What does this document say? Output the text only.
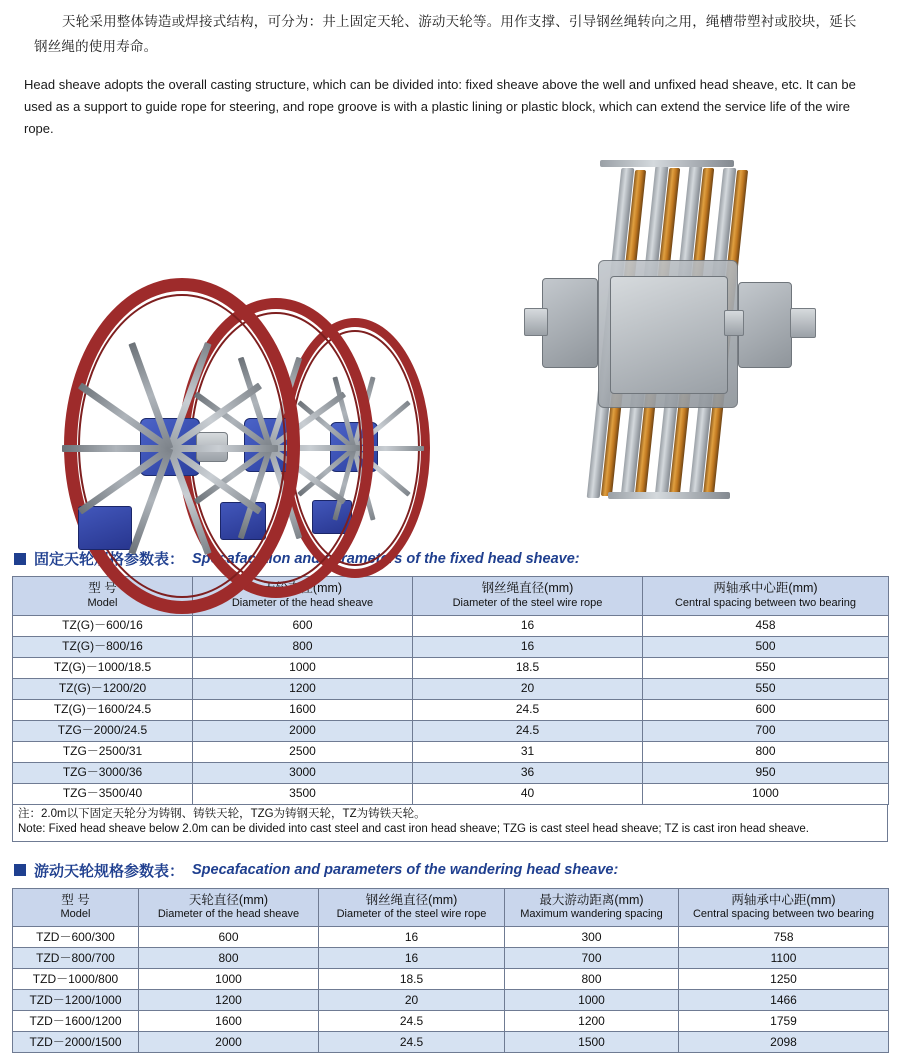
天轮采用整体铸造或焊接式结构，可分为：井上固定天轮、游动天轮等。用作支撑、引导钢丝绳转向之用，绳槽带塑衬或胶块，延长钢丝绳的使用寿命。

Head sheave adopts the overall casting structure, which can be divided into: fixed sheave above the well and unfixed head sheave, etc. It can be used as a support to guide rope for steering, and rope groove is with a plastic lining or plastic block, which can extend the service life of the wire rope.

固定天轮规格参数表： Specafacation and parameters of the fixed head sheave:
型 号
Model	天轮直径(mm)
Diameter of the head sheave	钢丝绳直径(mm)
Diameter of the steel wire rope	两轴承中心距(mm)
Central spacing between two bearing

TZ(G)－600/16	600	16	458
TZ(G)－800/16	800	16	500
TZ(G)－1000/18.5	1000	18.5	550
TZ(G)－1200/20	1200	20	550
TZ(G)－1600/24.5	1600	24.5	600
TZG－2000/24.5	2000	24.5	700
TZG－2500/31	2500	31	800
TZG－3000/36	3000	36	950
TZG－3500/40	3500	40	1000
注：2.0m以下固定天轮分为铸钢、铸铁天轮，TZG为铸钢天轮，TZ为铸铁天轮。
Note: Fixed head sheave below 2.0m can be divided into cast steel and cast iron head sheave; TZG is cast steel head sheave; TZ is cast iron head sheave.
游动天轮规格参数表： Specafacation and parameters of the wandering head sheave:
型 号
Model	天轮直径(mm)
Diameter of the head sheave	钢丝绳直径(mm)
Diameter of the steel wire rope	最大游动距离(mm)
Maximum wandering spacing	两轴承中心距(mm)
Central spacing between two bearing

TZD－600/300	600	16	300	758
TZD－800/700	800	16	700	1100
TZD－1000/800	1000	18.5	800	1250
TZD－1200/1000	1200	20	1000	1466
TZD－1600/1200	1600	24.5	1200	1759
TZD－2000/1500	2000	24.5	1500	2098
